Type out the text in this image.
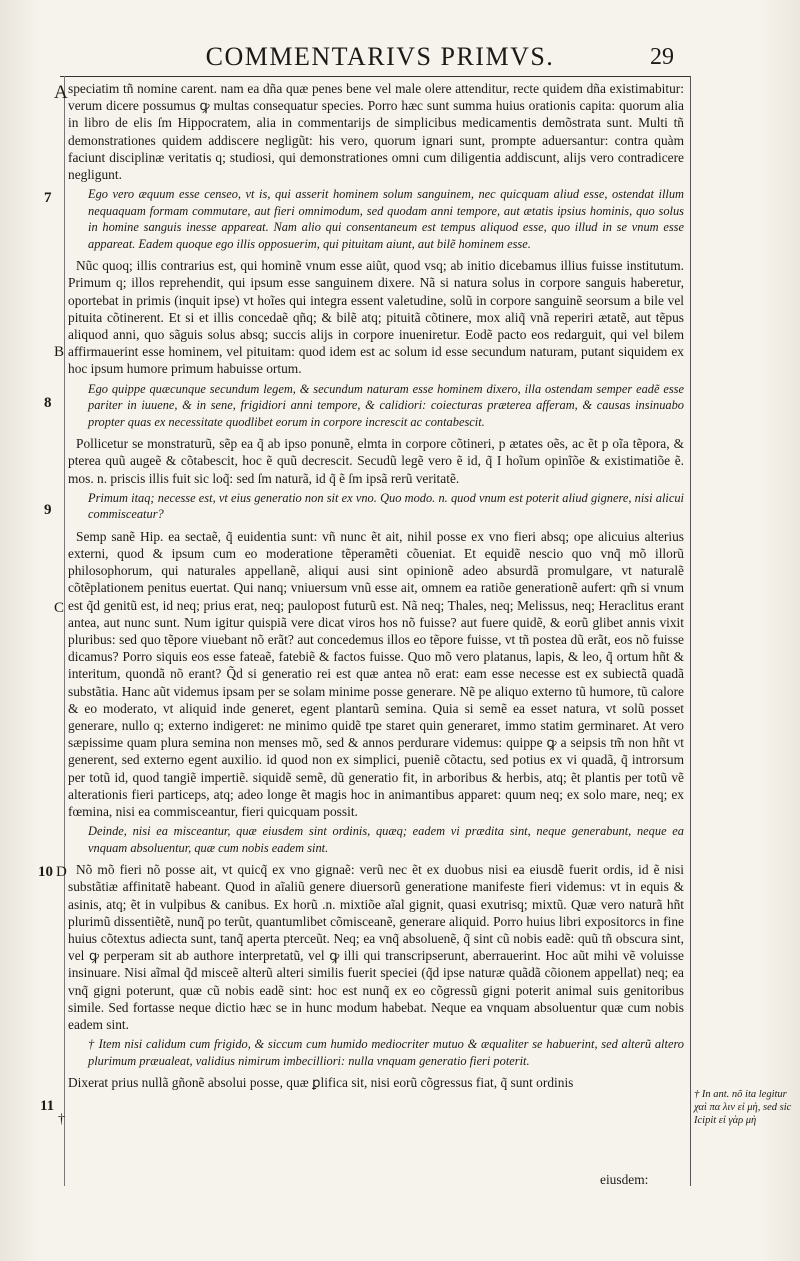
COMMENTARIVS PRIMVS.	29
A
7
B
8
9
C
10 D
11
†

speciatim tñ nomine carent. nam ea dña quæ penes bene vel male olere attenditur, recte quidem dña existimabitur: verum dicere possumus ꝙ multas consequatur species. Porro hæc sunt summa huius orationis capita: quorum alia in libro de elis ſm Hippocratem, alia in commentarijs de simplicibus medicamentis demõstrata sunt. Multi tñ demonstrationes quidem addiscere negligũt: his vero, quorum ignari sunt, prompte aduersantur: contra quàm faciunt disciplinæ veritatis q; studiosi, qui demonstrationes omni cum diligentia addiscunt, alijs vero contradicere negligunt.

Ego vero æquum esse censeo, vt is, qui asserit hominem solum sanguinem, nec quicquam aliud esse, ostendat illum nequaquam formam commutare, aut fieri omnimodum, sed quodam anni tempore, aut ætatis ipsius hominis, quo solus in homine sanguis inesse appareat. Nam alio qui consentaneum est tempus aliquod esse, quo illud in se vnum esse appareat. Eadem quoque ego illis opposuerim, qui pituitam aiunt, aut bilẽ hominem esse.

Nũc quoq; illis contrarius est, qui hominẽ vnum esse aiũt, quod vsq; ab initio dicebamus illius fuisse institutum. Primum q; illos reprehendit, qui ipsum esse sanguinem dixere. Nã si natura solus in corpore sanguis haberetur, oportebat in primis (inquit ipse) vt hoĩes qui integra essent valetudine, solũ in corpore sanguinẽ seorsum a bile vel pituita cõtinerent. Et si et illis concedaẽ qñq; & bilẽ atq; pituitã cõtinere, mox aliq̃ vnã reperiri ætatẽ, aut tẽpus aliquod anni, quo sãguis solus absq; succis alijs in corpore inueniretur. Eodẽ pacto eos redarguit, qui vel bilem affirmauerint esse hominem, vel pituitam: quod idem est ac solum id esse secundum naturam, putant siquidem ex hoc ipsum humore primum habuisse ortum.

Ego quippe quæcunque secundum legem, & secundum naturam esse hominem dixero, illa ostendam semper eadẽ esse pariter in iuuene, & in sene, frigidiori anni tempore, & calidiori: coiecturas præterea afferam, & causas insinuabo propter quas ex necessitate quodlibet eorum in corpore increscit ac contabescit.

Pollicetur se monstraturũ, sẽp ea q̃ ab ipso ponunẽ, elmta in corpore cõtineri, p ætates oẽs, ac ẽt p oĩa tẽpora, & pterea quũ augeẽ & cõtabescit, hoc ẽ quũ decrescit. Secudũ legẽ vero ẽ id, q̃ I hoĩum opinĩõe & existimatiõe ẽ. mos. n. priscis illis fuit sic loq̃: sed ſm naturã, id q̃ ẽ ſm ipsã rerũ veritatẽ.

Primum itaq; necesse est, vt eius generatio non sit ex vno. Quo modo. n. quod vnum est poterit aliud gignere, nisi alicui commisceatur?

Semp sanẽ Hip. ea sectaẽ, q̃ euidentia sunt: vñ nunc ẽt ait, nihil posse ex vno fieri absq; ope alicuius alterius externi, quod & ipsum cum eo moderatione tẽperamẽti cõueniat. Et equidẽ nescio quo vnq̃ mõ illorũ philosophorum, qui naturales appellanẽ, aliqui ausi sint opinionẽ adeo absurdã promulgare, vt naturalẽ cõtẽplationem penitus euertat. Qui nanq; vniuersum vnũ esse ait, omnem ea ratiõe generationẽ aufert: qm̃ si vnum est q̃d genitũ est, id neq; prius erat, neq; paulopost futurũ est. Nã neq; Thales, neq; Melissus, neq; Heraclitus erant antea, aut nunc sunt. Num igitur quispiã vere dicat viros hos nõ fuisse? aut fuere quidẽ, & eorũ glibet annis vixit pluribus: sed quo tẽpore viuebant nõ erãt? aut concedemus illos eo tẽpore fuisse, vt tñ postea dũ erãt, eos nõ fuisse dicamus? Porro siquis eos esse fateaẽ, fatebiẽ & factos fuisse. Quo mõ vero platanus, lapis, & leo, q̃ ortum hñt & interitum, quondã nõ erant? Q̃d si generatio rei est quæ antea nõ erat: eam esse necesse est ex subiectã quadã substãtia. Hanc aũt videmus ipsam per se solam minime posse generare. Nẽ pe aliquo externo tũ humore, tũ calore & eo moderato, vt aliquid inde generet, egent plantarũ semina. Quia si semẽ ea esset natura, vt solũ posset generare, nullo q; externo indigeret: ne minimo quidẽ tpe staret quin generaret, immo statim germinaret. At vero sæpissime quam plura semina non menses mõ, sed & annos perdurare videmus: quippe ꝙ a seipsis tm̃ non hñt vt generent, sed externo egent auxilio. id quod non ex simplici, pueniẽ cõtactu, sed potius ex vi quadã, q̃ introrsum per totũ id, quod tangiẽ impertiẽ. siquidẽ semẽ, dũ generatio fit, in arboribus & herbis, atq; ẽt plantis per totũ vẽ alterationis fieri particeps, atq; adeo longe ẽt magis hoc in animantibus apparet: quum neq; ex solo mare, neq; ex fœmina, nisi ea commisceantur, fieri quicquam possit.

Deinde, nisi ea misceantur, quæ eiusdem sint ordinis, quæq; eadem vi prædita sint, neque generabunt, neque ea vnquam absoluentur, quæ cum nobis eadem sint.

Nõ mõ fieri nõ posse ait, vt quicq̃ ex vno gignaẽ: verũ nec ẽt ex duobus nisi ea eiusdẽ fuerit ordis, id ẽ nisi substãtiæ affinitatẽ habeant. Quod in aĩaliũ genere diuersorũ generatione manifeste fieri videmus: vt in equis & asinis, atq; ẽt in vulpibus & canibus. Ex horũ .n. mixtiõe aĩal gignit, quasi exutrisq; mixtũ. Quæ vero naturã hñt plurimũ dissentiẽtẽ, nunq̃ po terũt, quantumlibet cõmisceanẽ, generare aliquid. Porro huius libri expositorcs in fine huius cõtextus adiecta sunt, tanq̃ aperta pterceũt. Neq; ea vnq̃ absoluenẽ, q̃ sint cũ nobis eadẽ: quũ tñ obscura sint, vel ꝙ perperam sit ab authore interpretatũ, vel ꝙ illi qui transcripserunt, aberrauerint. Hoc aũt mihi vẽ voluisse insinuare. Nisi aĩmal q̃d misceẽ alterũ alteri similis fuerit speciei (q̃d ipse naturæ quãdã cõionem appellat) neq; ea vnq̃ gigni poterunt, quæ cũ nobis eadẽ sint: hoc est nunq̃ ex eo cõgressũ gigni poterit animal suis genitoribus simile. Sed fortasse neque dictio hæc se in hunc modum habebat. Neque ea vnquam absoluentur quæ cum nobis eadem sint.

† Item nisi calidum cum frigido, & siccum cum humido mediocriter mutuo & æqualiter se habuerint, sed alterũ altero plurimum præualeat, validius nimirum imbecilliori: nulla vnquam generatio fieri poterit.

Dixerat prius nullã gñonẽ absolui posse, quæ ꝑlifica sit, nisi eorũ cõgressus fiat, q̃ sunt ordinis

eiusdem:
† In ant. nõ ita legitur χαὶ πα λιν εἰ μὴ, sed sic Icipit εἰ γὰρ μὴ
